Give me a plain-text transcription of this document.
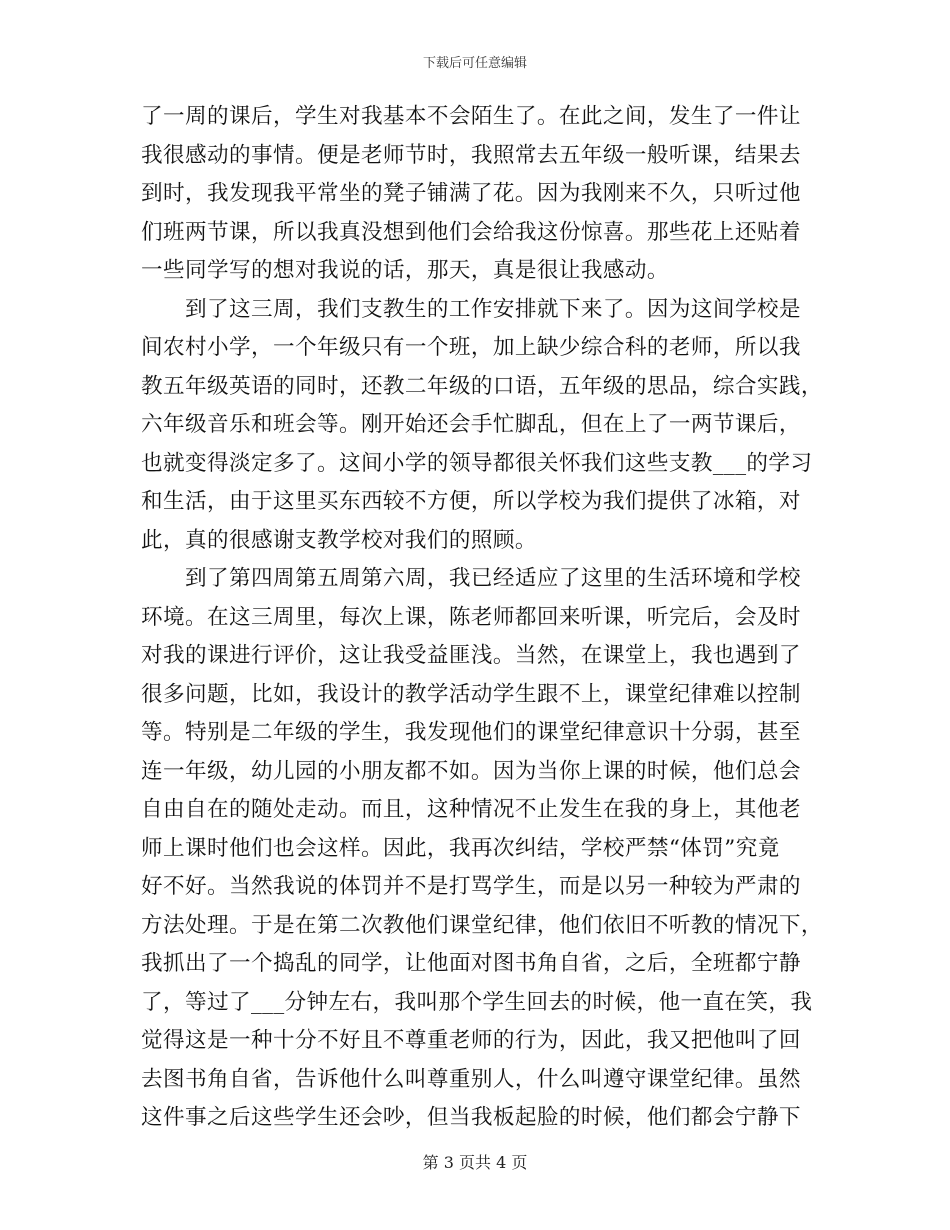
下载后可任意编辑
了一周的课后，学生对我基本不会陌生了。在此之间，发生了一件让
我很感动的事情。便是老师节时，我照常去五年级一般听课，结果去
到时，我发现我平常坐的凳子铺满了花。因为我刚来不久，只听过他
们班两节课，所以我真没想到他们会给我这份惊喜。那些花上还贴着
一些同学写的想对我说的话，那天，真是很让我感动。
　　到了这三周，我们支教生的工作安排就下来了。因为这间学校是
间农村小学，一个年级只有一个班，加上缺少综合科的老师，所以我
教五年级英语的同时，还教二年级的口语，五年级的思品，综合实践，
六年级音乐和班会等。刚开始还会手忙脚乱，但在上了一两节课后，
也就变得淡定多了。这间小学的领导都很关怀我们这些支教___的学习
和生活，由于这里买东西较不方便，所以学校为我们提供了冰箱，对
此，真的很感谢支教学校对我们的照顾。
　　到了第四周第五周第六周，我已经适应了这里的生活环境和学校
环境。在这三周里，每次上课，陈老师都回来听课，听完后，会及时
对我的课进行评价，这让我受益匪浅。当然，在课堂上，我也遇到了
很多问题，比如，我设计的教学活动学生跟不上，课堂纪律难以控制
等。特别是二年级的学生，我发现他们的课堂纪律意识十分弱，甚至
连一年级，幼儿园的小朋友都不如。因为当你上课的时候，他们总会
自由自在的随处走动。而且，这种情况不止发生在我的身上，其他老
师上课时他们也会这样。因此，我再次纠结，学校严禁“体罚”究竟
好不好。当然我说的体罚并不是打骂学生，而是以另一种较为严肃的
方法处理。于是在第二次教他们课堂纪律，他们依旧不听教的情况下，
我抓出了一个捣乱的同学，让他面对图书角自省，之后，全班都宁静
了，等过了___分钟左右，我叫那个学生回去的时候，他一直在笑，我
觉得这是一种十分不好且不尊重老师的行为，因此，我又把他叫了回
去图书角自省，告诉他什么叫尊重别人，什么叫遵守课堂纪律。虽然
这件事之后这些学生还会吵，但当我板起脸的时候，他们都会宁静下
第 3 页共 4 页
